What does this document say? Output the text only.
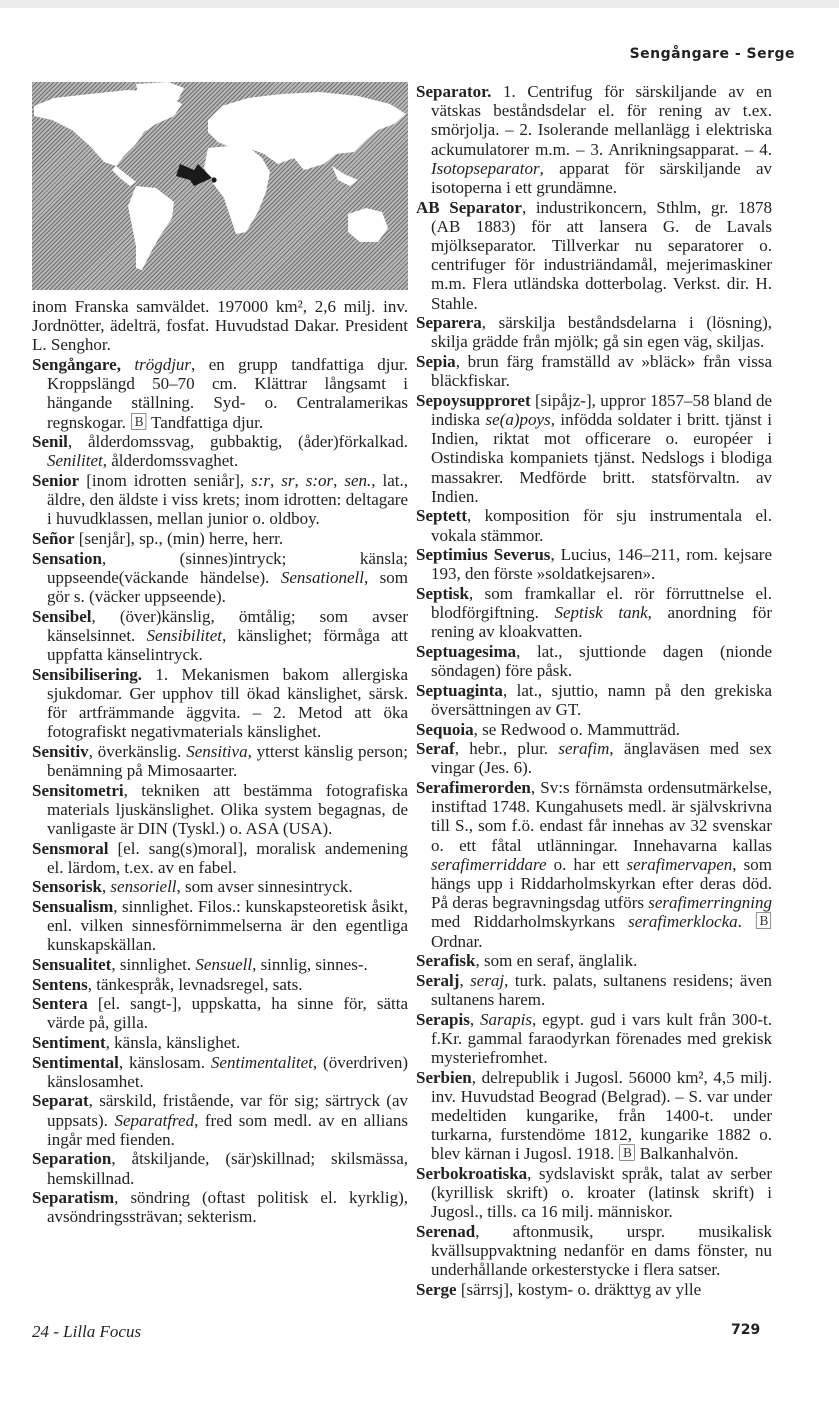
Sengångare - Serge

inom Franska samväldet. 197000 km², 2,6 milj. inv. Jordnötter, ädelträ, fosfat. Huvudstad Dakar. President L. Senghor.

Sengångare, trögdjur, en grupp tandfattiga djur. Kroppslängd 50–70 cm. Klättrar långsamt i hängande ställning. Syd- o. Centralamerikas regnskogar. 🄱 Tandfattiga djur.

Senil, ålderdomssvag, gubbaktig, (åder)förkalkad. Senilitet, ålderdomssvaghet.

Senior [inom idrotten seniår], s:r, sr, s:or, sen., lat., äldre, den äldste i viss krets; inom idrotten: deltagare i huvudklassen, mellan junior o. oldboy.

Señor [senjår], sp., (min) herre, herr.

Sensation, (sinnes)intryck; känsla; uppseende(väckande händelse). Sensationell, som gör s. (väcker uppseende).

Sensibel, (över)känslig, ömtålig; som avser känselsinnet. Sensibilitet, känslighet; förmåga att uppfatta känselintryck.

Sensibilisering. 1. Mekanismen bakom allergiska sjukdomar. Ger upphov till ökad känslighet, särsk. för artfrämmande äggvita. – 2. Metod att öka fotografiskt negativmaterials känslighet.

Sensitiv, överkänslig. Sensitiva, ytterst känslig person; benämning på Mimosaarter.

Sensitometri, tekniken att bestämma fotografiska materials ljuskänslighet. Olika system begagnas, de vanligaste är DIN (Tyskl.) o. ASA (USA).

Sensmoral [el. sang(s)moral], moralisk andemening el. lärdom, t.ex. av en fabel.

Sensorisk, sensoriell, som avser sinnesintryck.

Sensualism, sinnlighet. Filos.: kunskapsteoretisk åsikt, enl. vilken sinnesförnimmelserna är den egentliga kunskapskällan.

Sensualitet, sinnlighet. Sensuell, sinnlig, sinnes-.

Sentens, tänkespråk, levnadsregel, sats.

Sentera [el. sangt-], uppskatta, ha sinne för, sätta värde på, gilla.

Sentiment, känsla, känslighet.

Sentimental, känslosam. Sentimentalitet, (överdriven) känslosamhet.

Separat, särskild, fristående, var för sig; särtryck (av uppsats). Separatfred, fred som medl. av en allians ingår med fienden.

Separation, åtskiljande, (sär)skillnad; skilsmässa, hemskillnad.

Separatism, söndring (oftast politisk el. kyrklig), avsöndringssträvan; sekterism.

Separator. 1. Centrifug för särskiljande av en vätskas beståndsdelar el. för rening av t.ex. smörjolja. – 2. Isolerande mellanlägg i elektriska ackumulatorer m.m. – 3. Anrikningsapparat. – 4. Isotopseparator, apparat för särskiljande av isotoperna i ett grundämne.

AB Separator, industrikoncern, Sthlm, gr. 1878 (AB 1883) för att lansera G. de Lavals mjölkseparator. Tillverkar nu separatorer o. centrifuger för industriändamål, mejerimaskiner m.m. Flera utländska dotterbolag. Verkst. dir. H. Stahle.

Separera, särskilja beståndsdelarna i (lösning), skilja grädde från mjölk; gå sin egen väg, skiljas.

Sepia, brun färg framställd av »bläck» från vissa bläckfiskar.

Sepoysupproret [sipåjz-], uppror 1857–58 bland de indiska se(a)poys, infödda soldater i britt. tjänst i Indien, riktat mot officerare o. européer i Ostindiska kompaniets tjänst. Nedslogs i blodiga massakrer. Medförde britt. statsförvaltn. av Indien.

Septett, komposition för sju instrumentala el. vokala stämmor.

Septimius Severus, Lucius, 146–211, rom. kejsare 193, den förste »soldatkejsaren».

Septisk, som framkallar el. rör förruttnelse el. blodförgiftning. Septisk tank, anordning för rening av kloakvatten.

Septuagesima, lat., sjuttionde dagen (nionde söndagen) före påsk.

Septuaginta, lat., sjuttio, namn på den grekiska översättningen av GT.

Sequoia, se Redwood o. Mammutträd.

Seraf, hebr., plur. serafim, änglaväsen med sex vingar (Jes. 6).

Serafimerorden, Sv:s förnämsta ordensutmärkelse, instiftad 1748. Kungahusets medl. är självskrivna till S., som f.ö. endast får innehas av 32 svenskar o. ett fåtal utlänningar. Innehavarna kallas serafimerriddare o. har ett serafimervapen, som hängs upp i Riddarholmskyrkan efter deras död. På deras begravningsdag utförs serafimerringning med Riddarholmskyrkans serafimerklocka. 🄱 Ordnar.

Serafisk, som en seraf, änglalik.

Seralj, seraj, turk. palats, sultanens residens; även sultanens harem.

Serapis, Sarapis, egypt. gud i vars kult från 300-t. f.Kr. gammal faraodyrkan förenades med grekisk mysteriefromhet.

Serbien, delrepublik i Jugosl. 56000 km², 4,5 milj. inv. Huvudstad Beograd (Belgrad). – S. var under medeltiden kungarike, från 1400-t. under turkarna, furstendöme 1812, kungarike 1882 o. blev kärnan i Jugosl. 1918. 🄱 Balkanhalvön.

Serbokroatiska, sydslaviskt språk, talat av serber (kyrillisk skrift) o. kroater (latinsk skrift) i Jugosl., tills. ca 16 milj. människor.

Serenad, aftonmusik, urspr. musikalisk kvällsuppvaktning nedanför en dams fönster, nu underhållande orkesterstycke i flera satser.

Serge [särrsj], kostym- o. dräkttyg av ylle

24 - Lilla Focus	729
